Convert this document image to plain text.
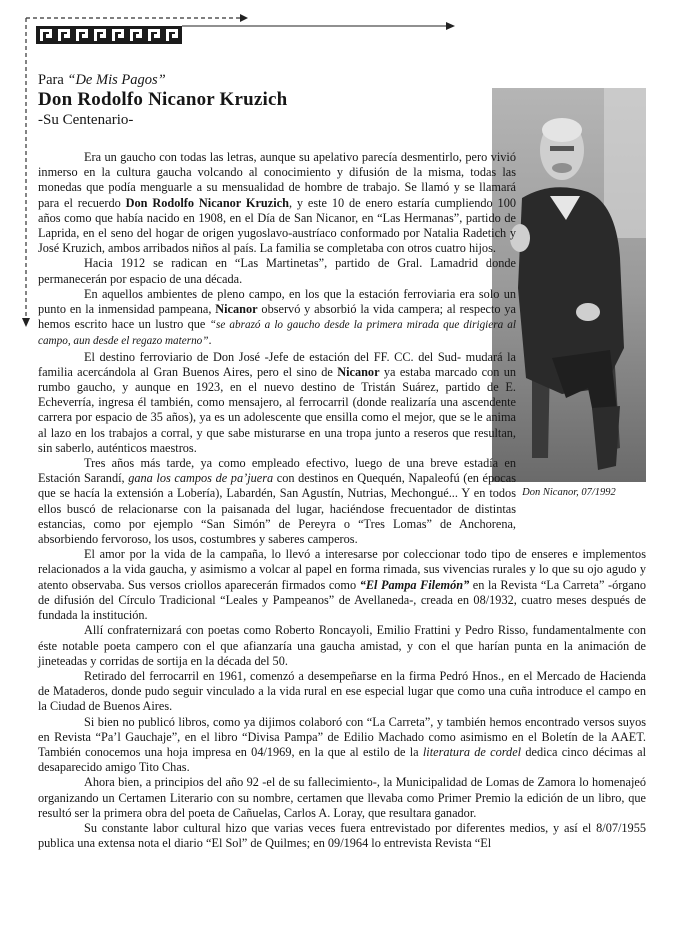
Para “De Mis Pagos”

Don Rodolfo Nicanor Kruzich

-Su Centenario-

Don Nicanor, 07/1992

Era un gaucho con todas las letras, aunque su apelativo parecía desmentirlo, pero vivió inmerso en la cultura gaucha volcando al conocimiento y difusión de la misma, todas las monedas que podía menguarle a su mensualidad de hombre de trabajo. Se llamó y se llamará para el recuerdo Don Rodolfo Nicanor Kruzich, y este 10 de enero estaría cumpliendo 100 años como que había nacido en 1908, en el Día de San Nicanor, en “Las Hermanas”, partido de Laprida, en el seno del hogar de origen yugoslavo-austríaco conformado por Natalia Radetich y José Kruzich, ambos arribados niños al país. La familia se completaba con otros cuatro hijos.

Hacia 1912 se radican en “Las Martinetas”, partido de Gral. Lamadrid donde permanecerán por espacio de una década.

En aquellos ambientes de pleno campo, en los que la estación ferroviaria era solo un punto en la inmensidad pampeana, Nicanor observó y absorbió la vida campera; al respecto ya hemos escrito hace un lustro que “se abrazó a lo gaucho desde la primera mirada que dirigiera al campo, aun desde el regazo materno”.

El destino ferroviario de Don José -Jefe de estación del FF. CC. del Sud- mudará la familia acercándola al Gran Buenos Aires, pero el sino de Nicanor ya estaba marcado con un rumbo gaucho, y aunque en 1923, en el nuevo destino de Tristán Suárez, partido de E. Echeverría, ingresa él también, como mensajero, al ferrocarril (donde realizaría una ascendente carrera por espacio de 35 años), ya es un adolescente que ensilla como el mejor, que se le anima al lazo en los trabajos a corral, y que sabe misturarse en una tropa junto a reseros que resultan, sin saberlo, auténticos maestros.

Tres años más tarde, ya como empleado efectivo, luego de una breve estadía en Estación Sarandí, gana los campos de pa’juera con destinos en Quequén, Napaleofú (en épocas que se hacía la extensión a Lobería), Labardén, San Agustín, Nutrias, Mechongué... Y en todos ellos buscó de relacionarse con la paisanada del lugar, haciéndose frecuentador de distintas estancias, como por ejemplo “San Simón” de Pereyra o “Tres Lomas” de Anchorena, absorbiendo fervoroso, los usos, costumbres y saberes camperos.

El amor por la vida de la campaña, lo llevó a interesarse por coleccionar todo tipo de enseres e implementos relacionados a la vida gaucha, y asimismo a volcar al papel en forma rimada, sus vivencias rurales y lo que su ojo agudo y atento observaba. Sus versos criollos aparecerán firmados como “El Pampa Filemón” en la Revista “La Carreta” -órgano de difusión del Círculo Tradicional “Leales y Pampeanos” de Avellaneda-, creada en 08/1932, cuatro meses después de fundada la institución.

Allí confraternizará con poetas como Roberto Roncayoli, Emilio Frattini y Pedro Risso, fundamentalmente con éste notable poeta campero con el que afianzaría una gaucha amistad, y con el que harían punta en la animación de jineteadas y corridas de sortija en la década del 50.

Retirado del ferrocarril en 1961, comenzó a desempeñarse en la firma Pedró Hnos., en el Mercado de Hacienda de Mataderos, donde pudo seguir vinculado a la vida rural en ese especial lugar que como una cuña introduce el campo en la Ciudad de Buenos Aires.

Si bien no publicó libros, como ya dijimos colaboró con “La Carreta”, y también hemos encontrado versos suyos en Revista “Pa’l Gauchaje”, en el libro “Divisa Pampa” de Edilio Machado como asimismo en el Boletín de la AAET. También conocemos una hoja impresa en 04/1969, en la que al estilo de la literatura de cordel dedica cinco décimas al desaparecido amigo Tito Chas.

Ahora bien, a principios del año 92 -el de su fallecimiento-, la Municipalidad de Lomas de Zamora lo homenajeó organizando un Certamen Literario con su nombre, certamen que llevaba como Primer Premio la edición de un libro, que resultó ser la primera obra del poeta de Cañuelas, Carlos A. Loray, que resultara ganador.

Su constante labor cultural hizo que varias veces fuera entrevistado por diferentes medios, y así el 8/07/1955 publica una extensa nota el diario “El Sol” de Quilmes; en 09/1964 lo entrevista Revista “El
